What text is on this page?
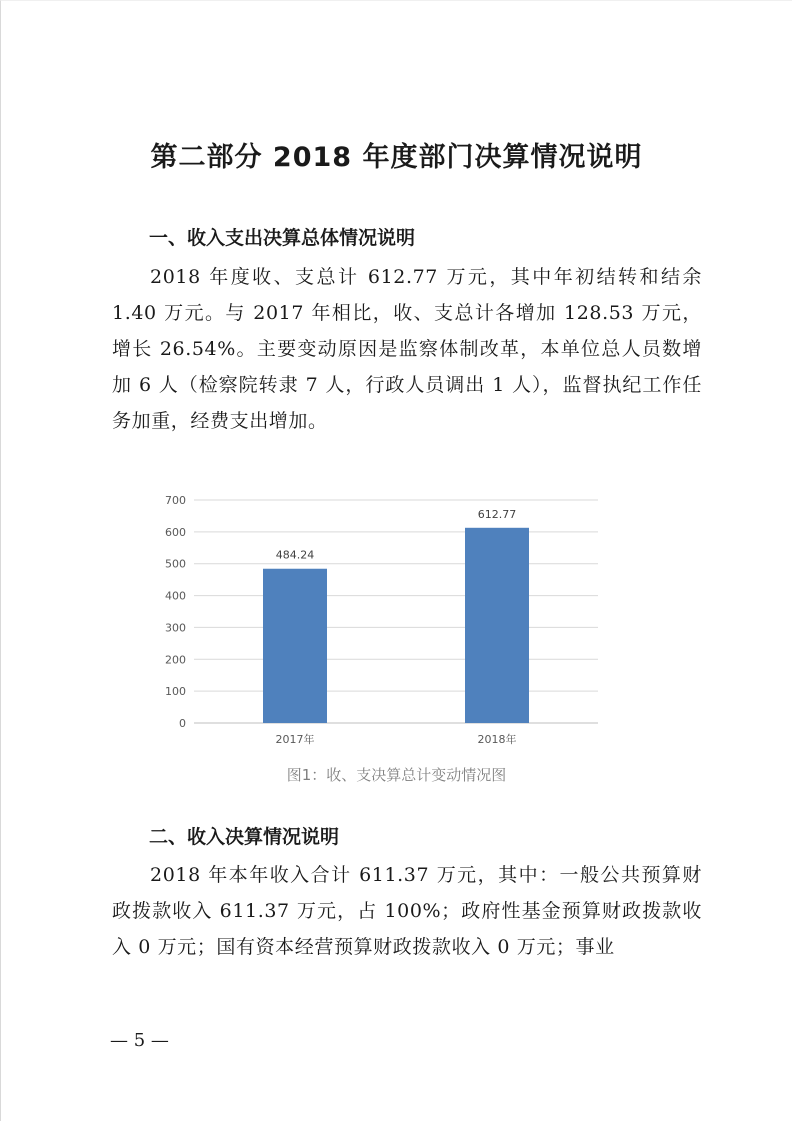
第二部分 2018 年度部门决算情况说明
一、收入支出决算总体情况说明

2018 年度收、支总计 612.77 万元，其中年初结转和结余 1.40 万元。与 2017 年相比，收、支总计各增加 128.53 万元，增长 26.54%。主要变动原因是监察体制改革，本单位总人员数增加 6 人（检察院转隶 7 人，行政人员调出 1 人），监督执纪工作任务加重，经费支出增加。

0
100
200
300
400
500
600
700
484.24
612.77
2017年	2018年
图1：收、支决算总计变动情况图
二、收入决算情况说明

2018 年本年收入合计 611.37 万元，其中：一般公共预算财政拨款收入 611.37 万元，占 100%；政府性基金预算财政拨款收入 0 万元；国有资本经营预算财政拨款收入 0 万元；事业

— 5 —
